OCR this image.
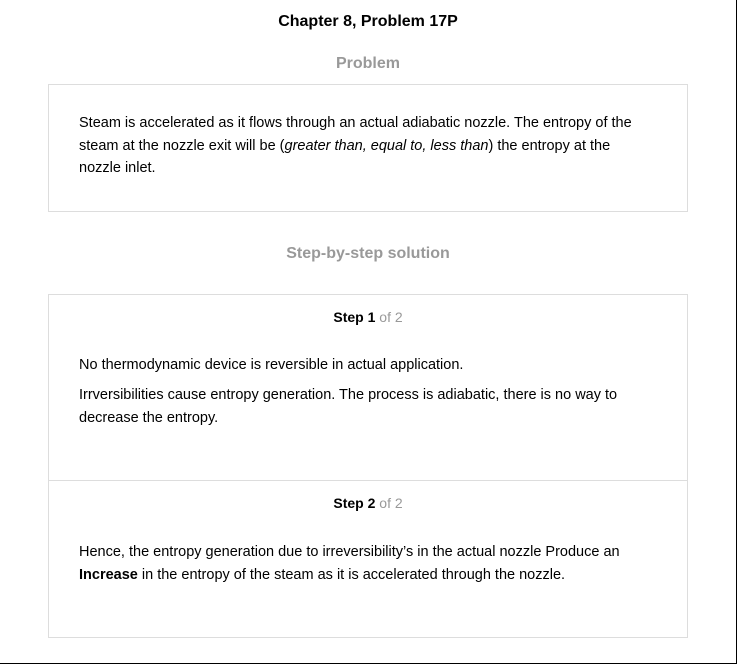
Chapter 8, Problem 17P
Problem
Steam is accelerated as it flows through an actual adiabatic nozzle. The entropy of the steam at the nozzle exit will be (greater than, equal to, less than) the entropy at the nozzle inlet.
Step-by-step solution
Step 1 of 2
No thermodynamic device is reversible in actual application.
Irrversibilities cause entropy generation. The process is adiabatic, there is no way to decrease the entropy.
Step 2 of 2
Hence, the entropy generation due to irreversibility’s in the actual nozzle Produce an Increase in the entropy of the steam as it is accelerated through the nozzle.
